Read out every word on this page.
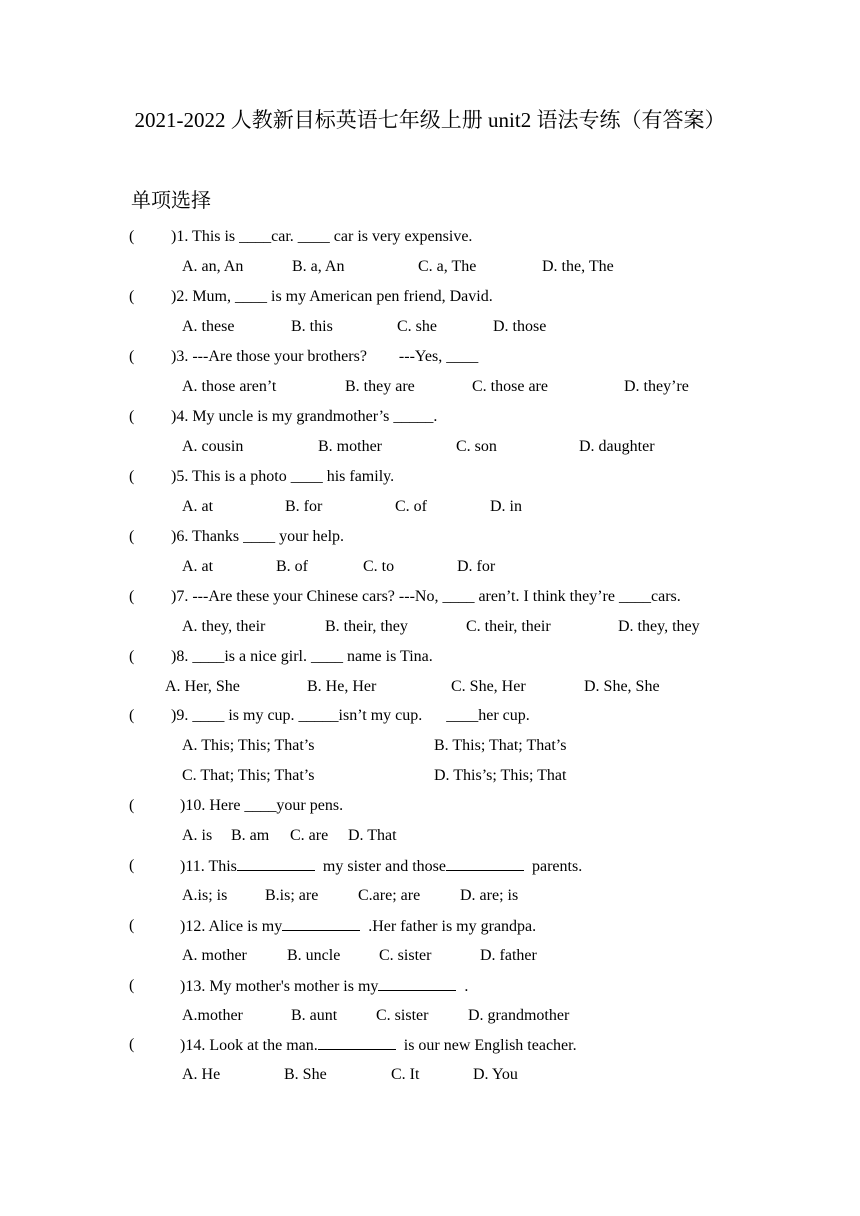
2021-2022 人教新目标英语七年级上册 unit2 语法专练（有答案）
单项选择
( )1. This is ____car. ____ car is very expensive.
A. an, An	B. a, An	C. a, The	D. the, The
( )2. Mum, ____ is my American pen friend, David.
A. these	B. this	C. she	D. those
( )3. ---Are those your brothers?        ---Yes, ____
A. those aren’t	B. they are	C. those are	D. they’re
( )4. My uncle is my grandmother’s _____.
A. cousin	B. mother	C. son	D. daughter
( )5. This is a photo ____ his family.
A. at	B. for	C. of	D. in
( )6. Thanks ____ your help.
A. at	B. of	C. to	D. for
( )7. ---Are these your Chinese cars? ---No, ____ aren’t. I think they’re ____cars.
A. they, their	B. their, they	C. their, their	D. they, they
( )8. ____is a nice girl. ____ name is Tina.
A. Her, She	B. He, Her	C. She, Her	D. She, She
( )9. ____ is my cup. _____isn’t my cup.      ____her cup.
A. This; This; That’s	B. This; That; That’s
C. That; This; That’s	D. This’s; This; That
(	)10. Here ____your pens.
A. is B. am C. are D. That
(	)11. This	my sister and those	parents.
A.is; is B.is; are C.are; are D. are; is
(	)12. Alice is my	.Her father is my grandpa.
A. mother	B. uncle C. sister	D. father
(	)13. My mother's mother is my	.
A.mother	B. aunt C. sister D. grandmother
(	)14. Look at the man.	is our new English teacher.
A. He	B. She	C. It	D. You
